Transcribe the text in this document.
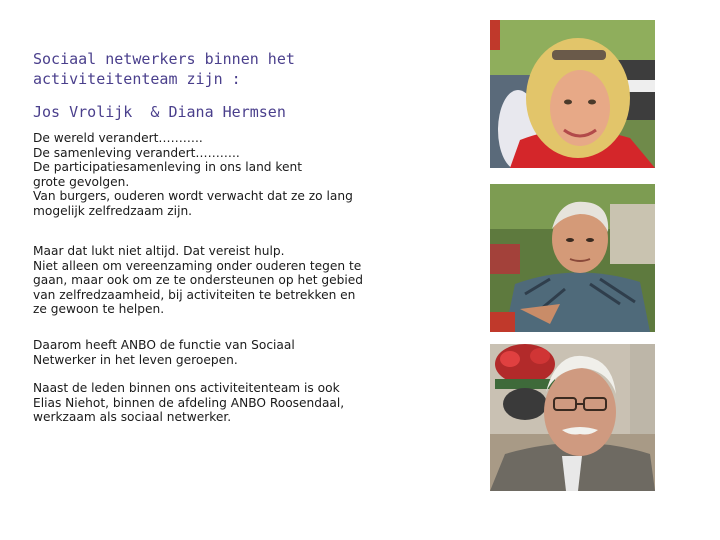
Sociaal netwerkers binnen het
activiteitenteam zijn :
Jos Vrolijk  & Diana Hermsen
De wereld verandert………..
De samenleving verandert………..
De participatiesamenleving in ons land kent
grote gevolgen.
Van burgers, ouderen wordt verwacht dat ze zo lang
mogelijk zelfredzaam zijn.
Maar dat lukt niet altijd. Dat vereist hulp.
Niet alleen om vereenzaming onder ouderen tegen te
gaan, maar ook om ze te ondersteunen op het gebied
van zelfredzaamheid, bij activiteiten te betrekken en
ze gewoon te helpen.
Daarom heeft ANBO de functie van Sociaal
Netwerker in het leven geroepen.
Naast de leden binnen ons activiteitenteam is ook
Elias Niehot, binnen de afdeling ANBO Roosendaal,
werkzaam als sociaal netwerker.
